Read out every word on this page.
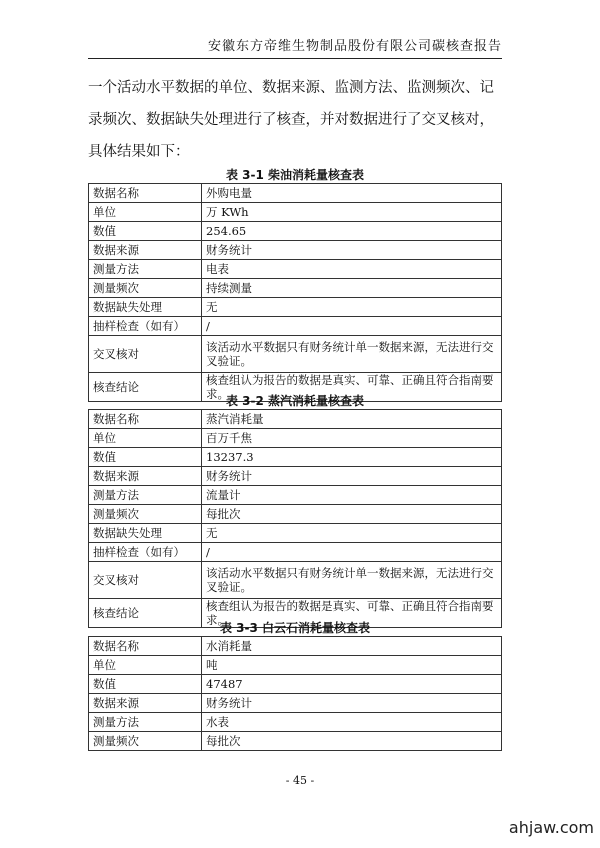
安徽东方帝维生物制品股份有限公司碳核查报告
一个活动水平数据的单位、数据来源、监测方法、监测频次、记录频次、数据缺失处理进行了核查，并对数据进行了交叉核对，具体结果如下：
表 3-1 柴油消耗量核查表
数据名称	外购电量
单位	万 KWh
数值	254.65
数据来源	财务统计
测量方法	电表
测量频次	持续测量
数据缺失处理	无
抽样检查（如有）	/
交叉核对	该活动水平数据只有财务统计单一数据来源，无法进行交叉验证。
核查结论	核查组认为报告的数据是真实、可靠、正确且符合指南要求。
表 3-2 蒸汽消耗量核查表
数据名称	蒸汽消耗量
单位	百万千焦
数值	13237.3
数据来源	财务统计
测量方法	流量计
测量频次	每批次
数据缺失处理	无
抽样检查（如有）	/
交叉核对	该活动水平数据只有财务统计单一数据来源，无法进行交叉验证。
核查结论	核查组认为报告的数据是真实、可靠、正确且符合指南要求。
表 3-3 白云石消耗量核查表
数据名称	水消耗量
单位	吨
数值	47487
数据来源	财务统计
测量方法	水表
测量频次	每批次
- 45 -
ahjaw.com
